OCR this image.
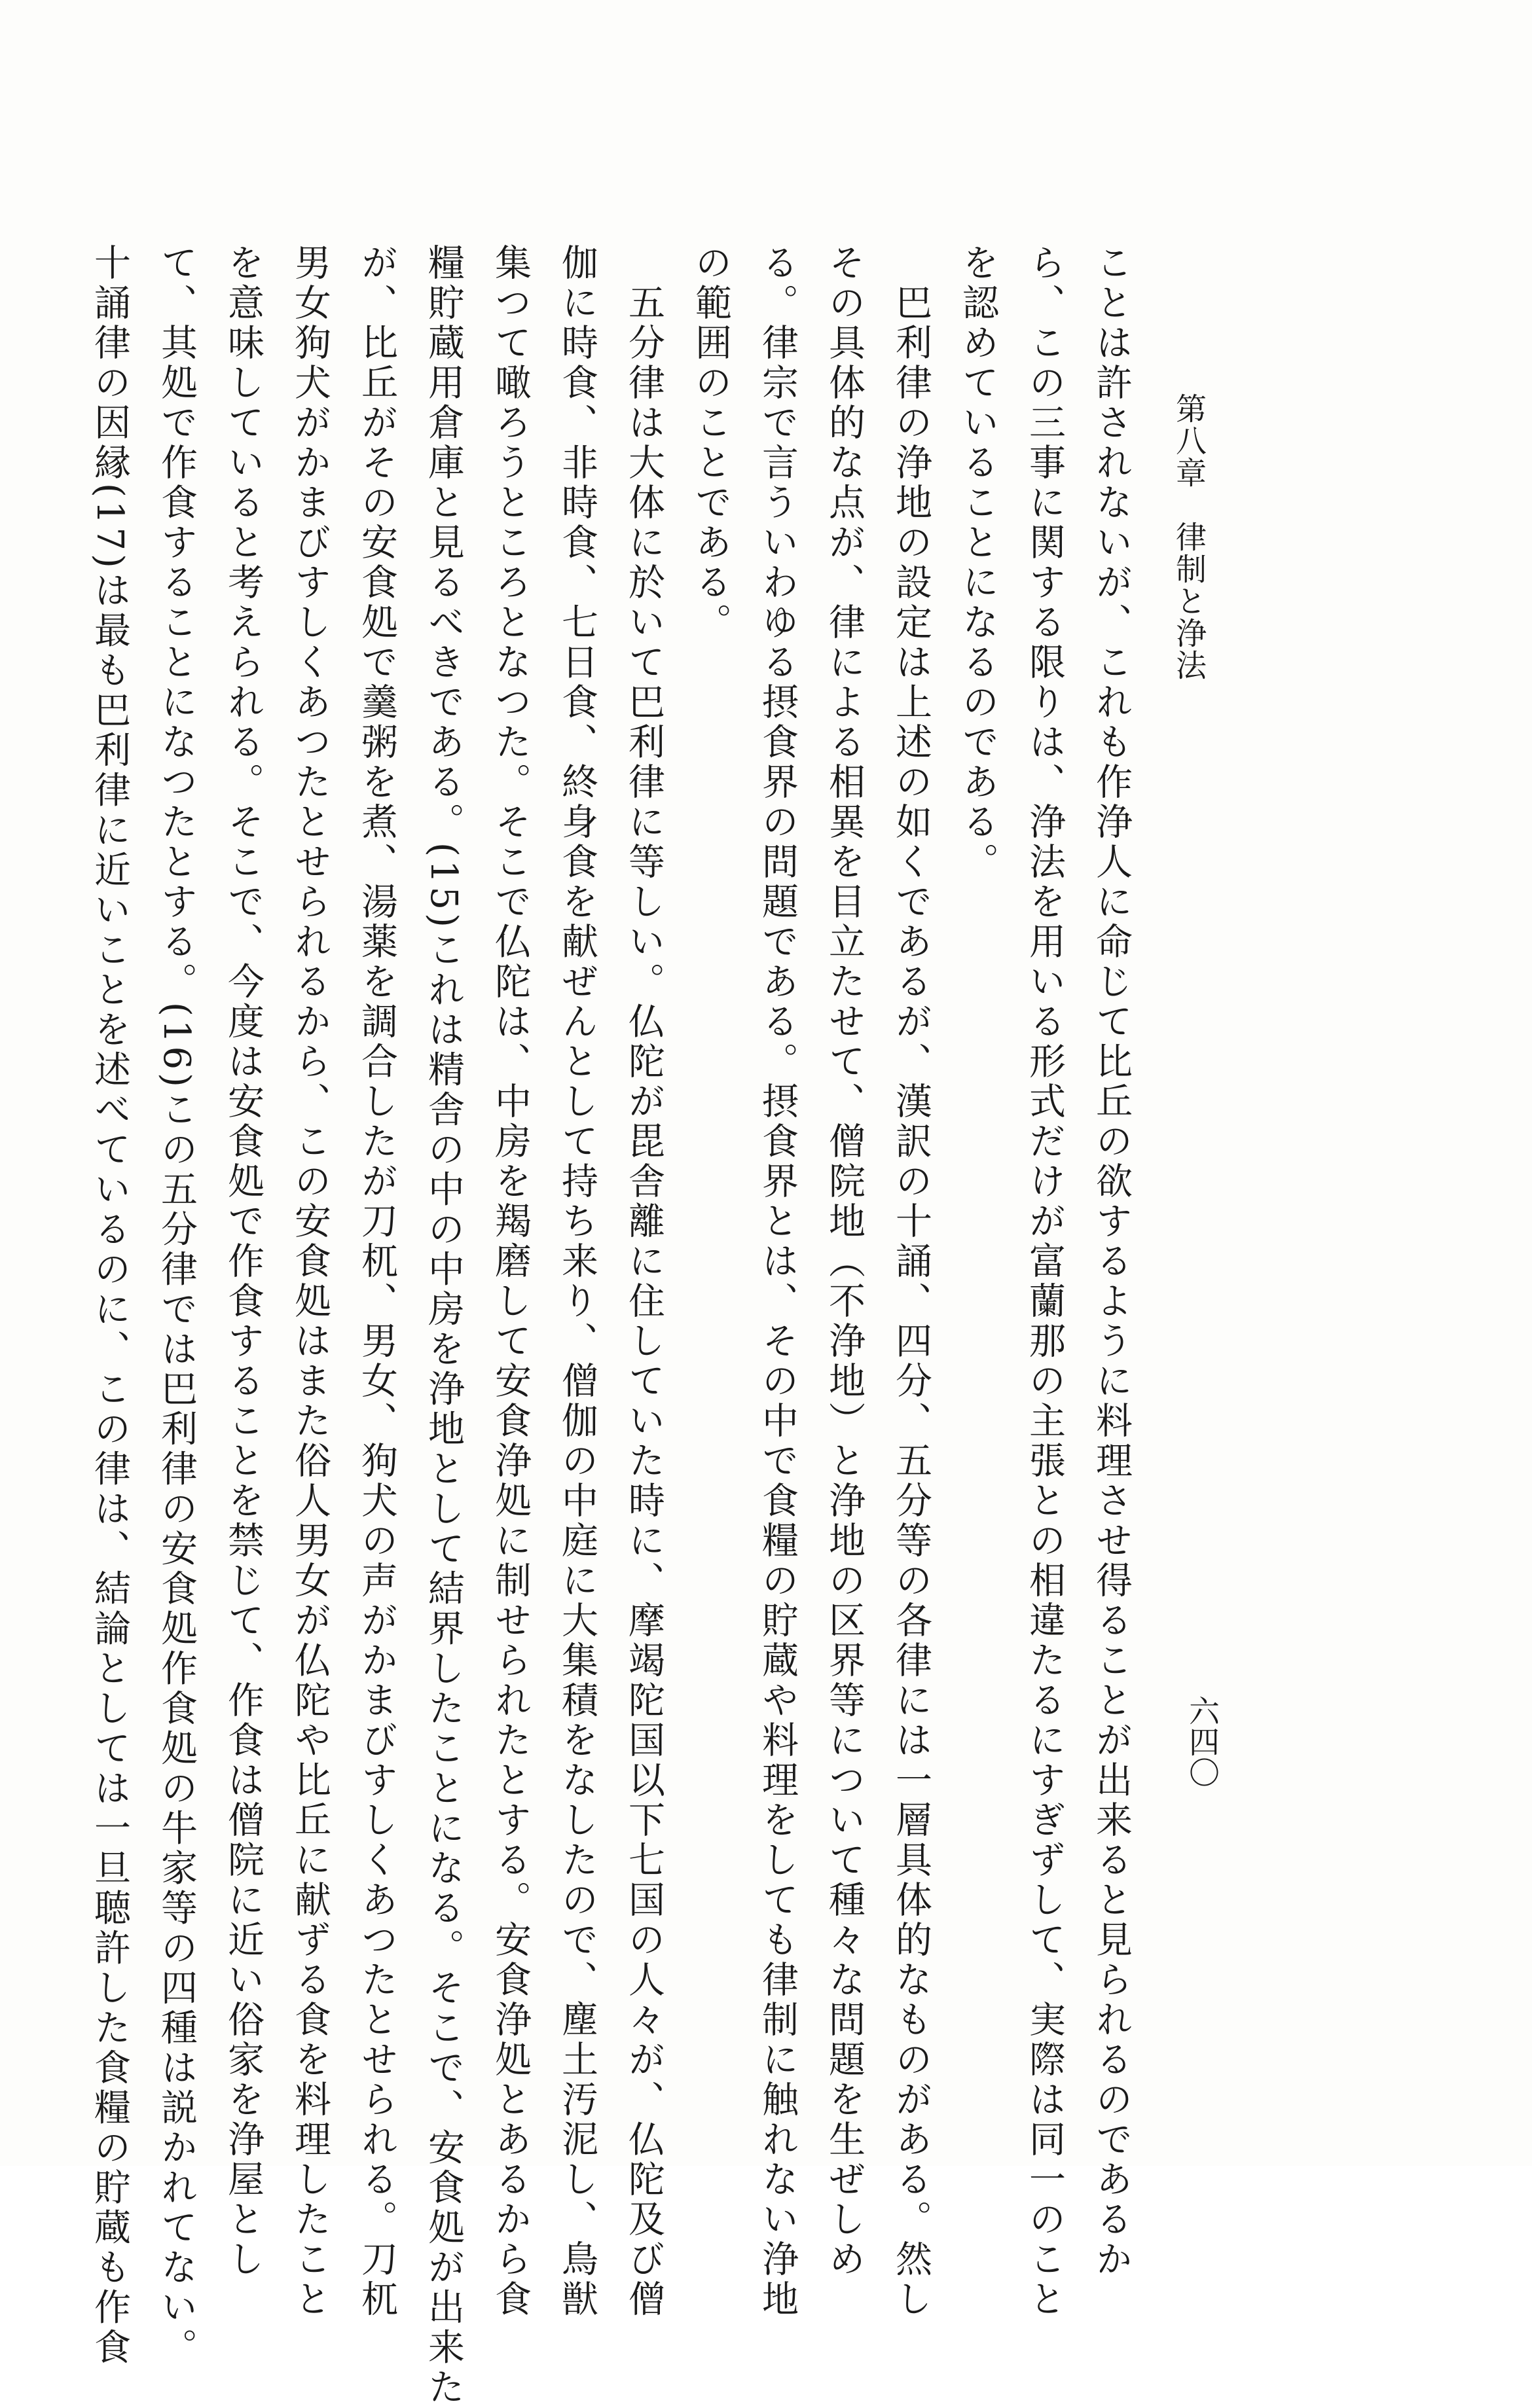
第八章　律制と浄法
六四〇
ことは許されないが、これも作浄人に命じて比丘の欲するように料理させ得ることが出来ると見られるのであるか
ら、この三事に関する限りは、浄法を用いる形式だけが富蘭那の主張との相違たるにすぎずして、実際は同一のこと
を認めていることになるのである。
　巴利律の浄地の設定は上述の如くであるが、漢訳の十誦、四分、五分等の各律には一層具体的なものがある。然し
その具体的な点が、律による相異を目立たせて、僧院地（不浄地）と浄地の区界等について種々な問題を生ぜしめ
る。律宗で言ういわゆる摂食界の問題である。摂食界とは、その中で食糧の貯蔵や料理をしても律制に触れない浄地
の範囲のことである。
　五分律は大体に於いて巴利律に等しい。仏陀が毘舎離に住していた時に、摩竭陀国以下七国の人々が、仏陀及び僧
伽に時食、非時食、七日食、終身食を献ぜんとして持ち来り、僧伽の中庭に大集積をなしたので、塵土汚泥し、鳥獣
集つて噉ろうところとなつた。そこで仏陀は、中房を羯磨して安食浄処に制せられたとする。安食浄処とあるから食
糧貯蔵用倉庫と見るべきである。(15)これは精舎の中の中房を浄地として結界したことになる。そこで、安食処が出来た
が、比丘がその安食処で羹粥を煮、湯薬を調合したが刀杌、男女、狗犬の声がかまびすしくあつたとせられる。刀杌
男女狗犬がかまびすしくあつたとせられるから、この安食処はまた俗人男女が仏陀や比丘に献ずる食を料理したこと
を意味していると考えられる。そこで、今度は安食処で作食することを禁じて、作食は僧院に近い俗家を浄屋とし
て、其処で作食することになつたとする。(16)この五分律では巴利律の安食処作食処の牛家等の四種は説かれてない。
十誦律の因縁(17)は最も巴利律に近いことを述べているのに、この律は、結論としては一旦聴許した食糧の貯蔵も作食
